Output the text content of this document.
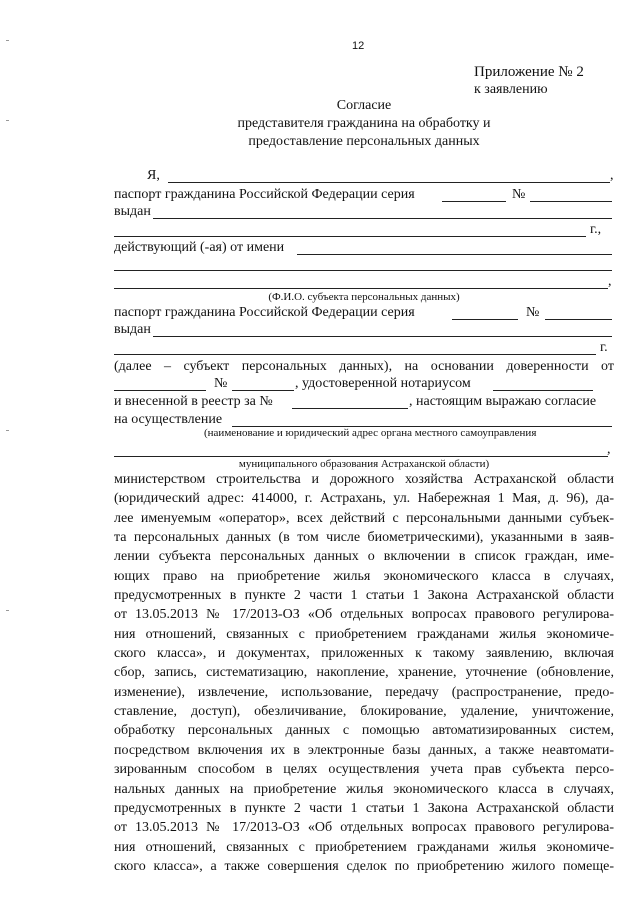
12
Приложение № 2
к заявлению
Согласие
представителя гражданина на обработку и
предоставление персональных данных
Я,	,
паспорт гражданина Российской Федерации серия	№
выдан
г.,
действующий (-ая) от имени
,
(Ф.И.О. субъекта персональных данных)
паспорт гражданина Российской Федерации серия	№
выдан
г.
(далее – субъект персональных данных), на основании доверенности от
№	, удостоверенной нотариусом
и внесенной в реестр за №	, настоящим выражаю согласие
на осуществление
(наименование и юридический адрес органа местного самоуправления
,
муниципального образования Астраханской области)
министерством строительства и дорожного хозяйства Астраханской области
(юридический адрес: 414000, г. Астрахань, ул. Набережная 1 Мая, д. 96), да-
лее именуемым «оператор», всех действий с персональными данными субъек-
та персональных данных (в том числе биометрическими), указанными в заяв-
лении субъекта персональных данных о включении в список граждан, име-
ющих право на приобретение жилья экономического класса в случаях,
предусмотренных в пункте 2 части 1 статьи 1 Закона Астраханской области
от 13.05.2013 № 17/2013-ОЗ «Об отдельных вопросах правового регулирова-
ния отношений, связанных с приобретением гражданами жилья экономиче-
ского класса», и документах, приложенных к такому заявлению, включая
сбор, запись, систематизацию, накопление, хранение, уточнение (обновление,
изменение), извлечение, использование, передачу (распространение, предо-
ставление, доступ), обезличивание, блокирование, удаление, уничтожение,
обработку персональных данных с помощью автоматизированных систем,
посредством включения их в электронные базы данных, а также неавтомати-
зированным способом в целях осуществления учета прав субъекта персо-
нальных данных на приобретение жилья экономического класса в случаях,
предусмотренных в пункте 2 части 1 статьи 1 Закона Астраханской области
от 13.05.2013 № 17/2013-ОЗ «Об отдельных вопросах правового регулирова-
ния отношений, связанных с приобретением гражданами жилья экономиче-
ского класса», а также совершения сделок по приобретению жилого помеще-
